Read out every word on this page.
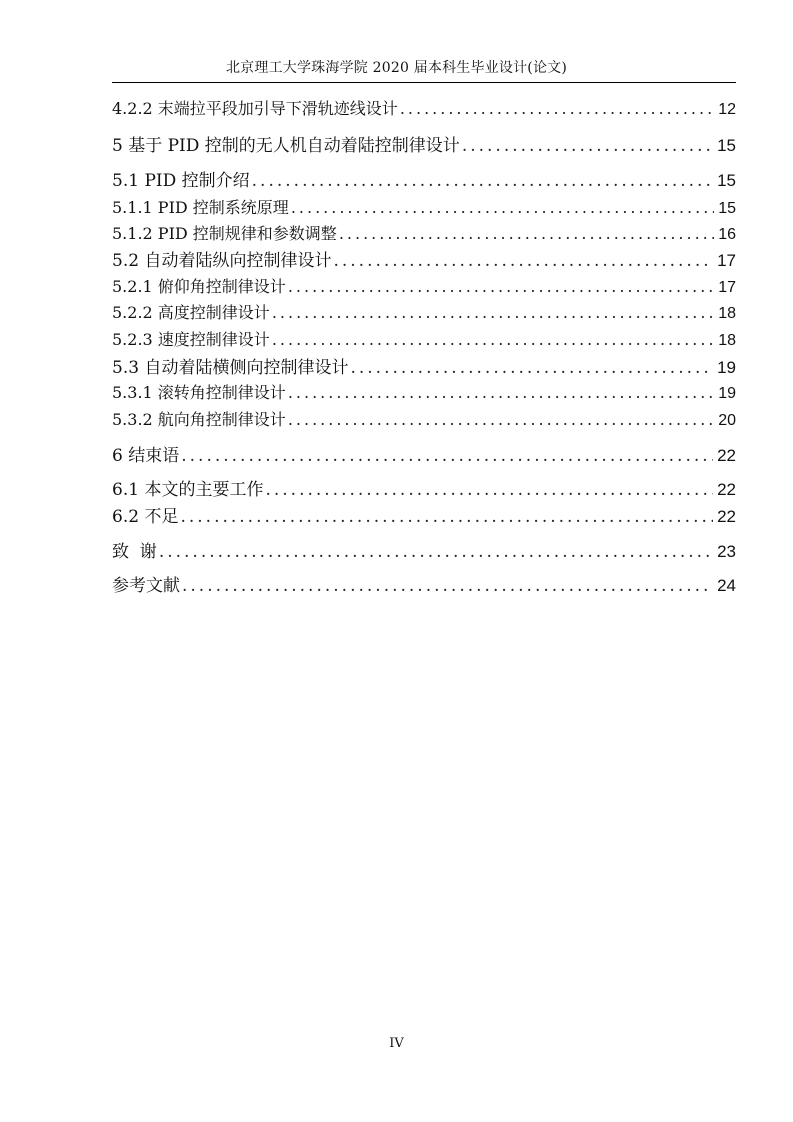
北京理工大学珠海学院 2020 届本科生毕业设计(论文)
4.2.2 末端拉平段加引导下滑轨迹线设计 .....	12
5 基于 PID 控制的无人机自动着陆控制律设计 .....	15
5.1 PID 控制介绍 .....	15
5.1.1 PID 控制系统原理 .....	15
5.1.2 PID 控制规律和参数调整 .....	16
5.2 自动着陆纵向控制律设计 .....	17
5.2.1 俯仰角控制律设计 .....	17
5.2.2 高度控制律设计 .....	18
5.2.3 速度控制律设计 .....	18
5.3 自动着陆横侧向控制律设计 .....	19
5.3.1 滚转角控制律设计 .....	19
5.3.2 航向角控制律设计 .....	20
6 结束语 .....	22
6.1 本文的主要工作 .....	22
6.2 不足 .....	22
致  谢 .....	23
参考文献 .....	24
IV
